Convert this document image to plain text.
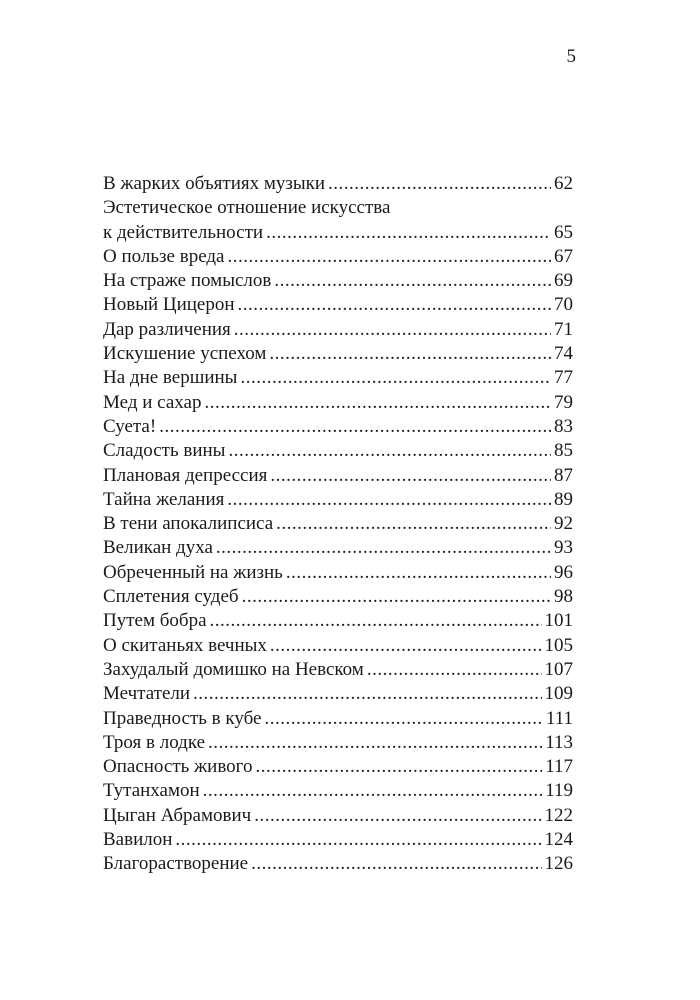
5
В жарких объятиях музыки .....	62
Эстетическое отношение искусства
к действительности .....	65
О пользе вреда .....	67
На страже помыслов .....	69
Новый Цицерон .....	70
Дар различения .....	71
Искушение успехом .....	74
На дне вершины .....	77
Мед и сахар .....	79
Суета! .....	83
Сладость вины .....	85
Плановая депрессия .....	87
Тайна желания .....	89
В тени апокалипсиса .....	92
Великан духа .....	93
Обреченный на жизнь .....	96
Сплетения судеб .....	98
Путем бобра .....	101
О скитаньях вечных .....	105
Захудалый домишко на Невском .....	107
Мечтатели .....	109
Праведность в кубе .....	111
Троя в лодке .....	113
Опасность живого .....	117
Тутанхамон .....	119
Цыган Абрамович .....	122
Вавилон .....	124
Благорастворение .....	126
